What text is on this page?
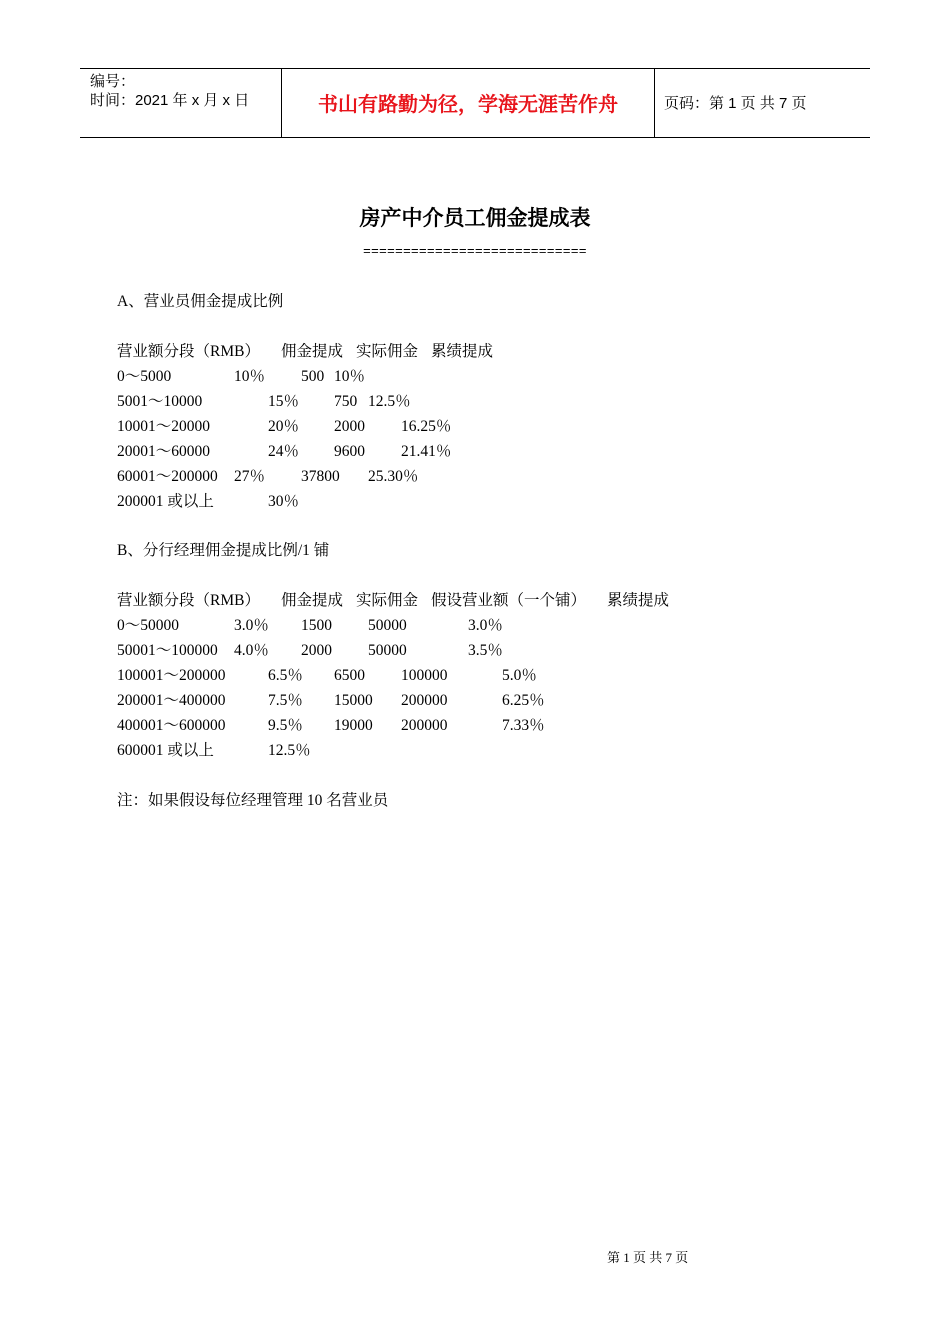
编号：
时间：2021 年 x 月 x 日	书山有路勤为径，学海无涯苦作舟	页码：第 1 页 共 7 页
房产中介员工佣金提成表
============================
A、营业员佣金提成比例
营业额分段（RMB） 佣金提成 实际佣金 累绩提成
0～5000	10％ 500 10％
5001～10000	15％ 750 12.5％
10001～20000	20％ 2000 16.25％
20001～60000	24％ 9600 21.41％
60001～200000 27％ 37800 25.30％
200001 或以上	30％
B、分行经理佣金提成比例/1 铺
营业额分段（RMB） 佣金提成 实际佣金 假设营业额（一个铺） 累绩提成
0～50000	3.0％ 1500 50000	3.0％
50001～100000 4.0％ 2000 50000	3.5％
100001～200000	6.5％ 6500 100000	5.0％
200001～400000	7.5％ 15000 200000	6.25％
400001～600000	9.5％ 19000 200000	7.33％
600001 或以上	12.5％
注：如果假设每位经理管理 10 名营业员
第 1 页 共 7 页
